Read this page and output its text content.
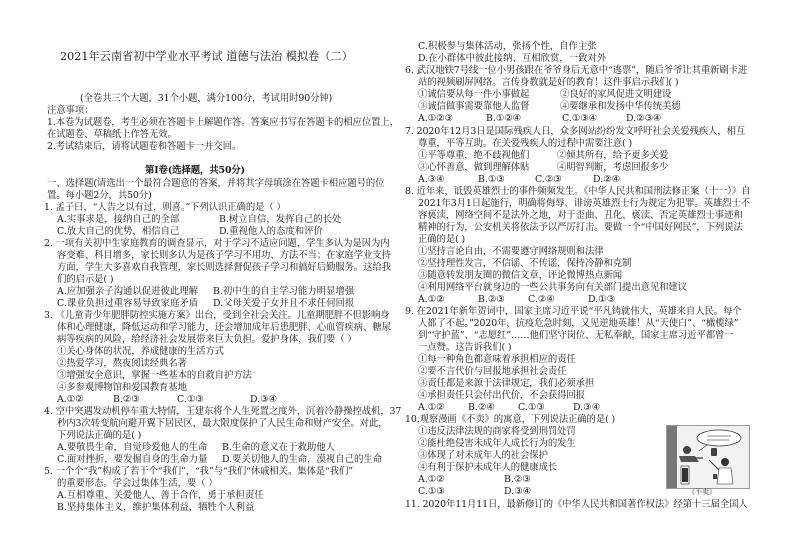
2021年云南省初中学业水平考试 道德与法治 模拟卷（二）
(全卷共三个大题，31个小题，满分100分，考试用时90分钟)
注意事项：
1.本卷为试题卷，考生必须在答题卡上解题作答。答案应书写在答题卡的相应位置上，
在试题卷、草稿纸上作答无效。
2.考试结束后，请将试题卷和答题卡一并交回。
第Ⅰ卷(选择题，共50分)
一、选择题(请选出一个最符合题意的答案，并将其字母填涂在答题卡相应题号的位
置。每小题2分，共50分)
1. 孟子曰，“人告之以有过，则喜。”下列认识正确的是（ ）
A.实事求是，接纳自己的全部	B.树立自信，发挥自己的长处
C.放大自己的优势，相信自己	D.重视他人的态度和评价
2. 一项有关初中生家庭教育的调查显示，对于学习不适应问题，学生多认为是因为内
容变难、科目增多，家长则多认为是孩子学习不用功、方法不当；在家庭学业支持
方面，学生大多喜欢自我管理，家长则选择督促孩子学习和搞好后勤服务。这给我
们的启示是( )
A.应加强亲子沟通以促进彼此理解 B.初中生的自主学习能力明显增强
C.课业负担过重容易导致家庭矛盾 D.父母关爱子女并且不求任何回报
3. 《儿童青少年肥胖防控实施方案》出台，受到全社会关注。儿童期肥胖不但影响身
体和心理健康，降低运动和学习能力，还会增加成年后患肥胖、心血管疾病、糖尿
病等疾病的风险，给经济社会发展带来巨大负担。爱护身体，我们要（ ）
①关心身体的状况，养成健康的生活方式
②热爱学习，熬夜阅读经典名著
③增强安全意识，掌握一些基本的自救自护方法
④多参观博物馆和爱国教育基地
A.①②	B.②③	C.①③	D.③④
4. 空中突遇发动机停车重大特情，王建东将个人生死置之度外，沉着冷静操控战机，37
秒内3次转变航向避开翼下居民区，最大限度保护了人民生命和财产安全。对此，
下列说法正确的是( )
A.要敬畏生命，自觉珍爱他人的生命 B.生命的意义在于救助他人
C.面对挫折，要发掘自身的生命力量 D.要关切他人的生命，漠视自己的生命
5. 一个个“我”构成了若干个“我们”，“我”与“我们“休戚相关。集体是“我们”
的重要形态。学会过集体生活，要（ ）
A.互相尊重、关爱他人、善于合作，勇于承担责任
B.坚持集体主义，维护集体利益，牺牲个人利益
C.积极参与集体活动，张扬个性，自作主张
D.在小群体中彼此接纳、互相欣赏，一致对外
6. 武汉地铁7号线一位小男孩跟在爷爷身后无意中“逃票”，随后爷爷让其重新刷卡进
站的视频刷屏网络。言传身教就是好的教育！这件事启示我们( )
①诚信要从每一件小事做起	②良好的家风促进文明建设
③诚信做事需要靠他人监督	④要继承和发扬中华传统美德
A.①②③	B.①②④	C.①③④	D.②③④
7. 2020年12月3日是国际残疾人日，众多网站纷纷发文呼吁社会关爱残疾人，相互
尊重，平等互助。在关爱残疾人的过程中需要注意( )
①平等尊重，绝不歧视他们	②倾其所有，给予更多关爱
③心怀善意，做到理解体贴	④明智判断，考虑回报多少
A.③④	B.①③	C.②③	D.②④
8. 近年来，诋毁英雄烈士的事件频频发生。《中华人民共和国刑法修正案（十一）》自
2021年3月1日起施行，明确将侮辱、诽谤英雄烈士行为规定为犯罪。英雄烈士不
容亵渎，网络空间不是法外之地，对于歪曲、丑化、亵渎、否定英雄烈士事迹和
精神的行为，公安机关将依法予以严厉打击。要做一个“中国好网民”，下列说法
正确的是( )
①坚持言论自由，不需要遵守网络规则和法律
②坚持理性发言，不信谣、不传谣，保持冷静和克制
③随意转发朋友圈的微信文章，评论微博热点新闻
④利用网络平台就身边的一些公共事务向有关部门提出意见和建议
A.①②	B.②③ C.②④	D.①③
9. 在2021年新年贺词中，国家主席习近平说“平凡铸就伟大，英雄来自人民。每个
人都了不起。”2020年，抗疫危急时刻，又见逆地英雄！从“天使白”、“橄榄绿”
到“守护蓝”、“志愿红”……他们坚守岗位、无私奉献，国家主席习近平都曾一
一点赞。这告诉我们( )
①每一种角色都意味着承担相应的责任
②要不言代价与回报地承担社会责任
③责任都是来源于法律规定，我们必须承担
④承担责任只会付出代价，不会获得回报
A.①② B.②④ C.①③	D.③④
10.观察漫画《不卖》的寓意，下列说法正确的是( )
①违反法律法规的商家将受到刑罚处罚
②能杜绝侵害未成年人成长行为的发生
③体现了对未成年人的社会保护
④有利于保护未成年人的健康成长
A.①②	B.②③
C.①③	D.③④	《不卖》
11. 2020年11月11日，最新修订的《中华人民共和国著作权法》经第十三届全国人
